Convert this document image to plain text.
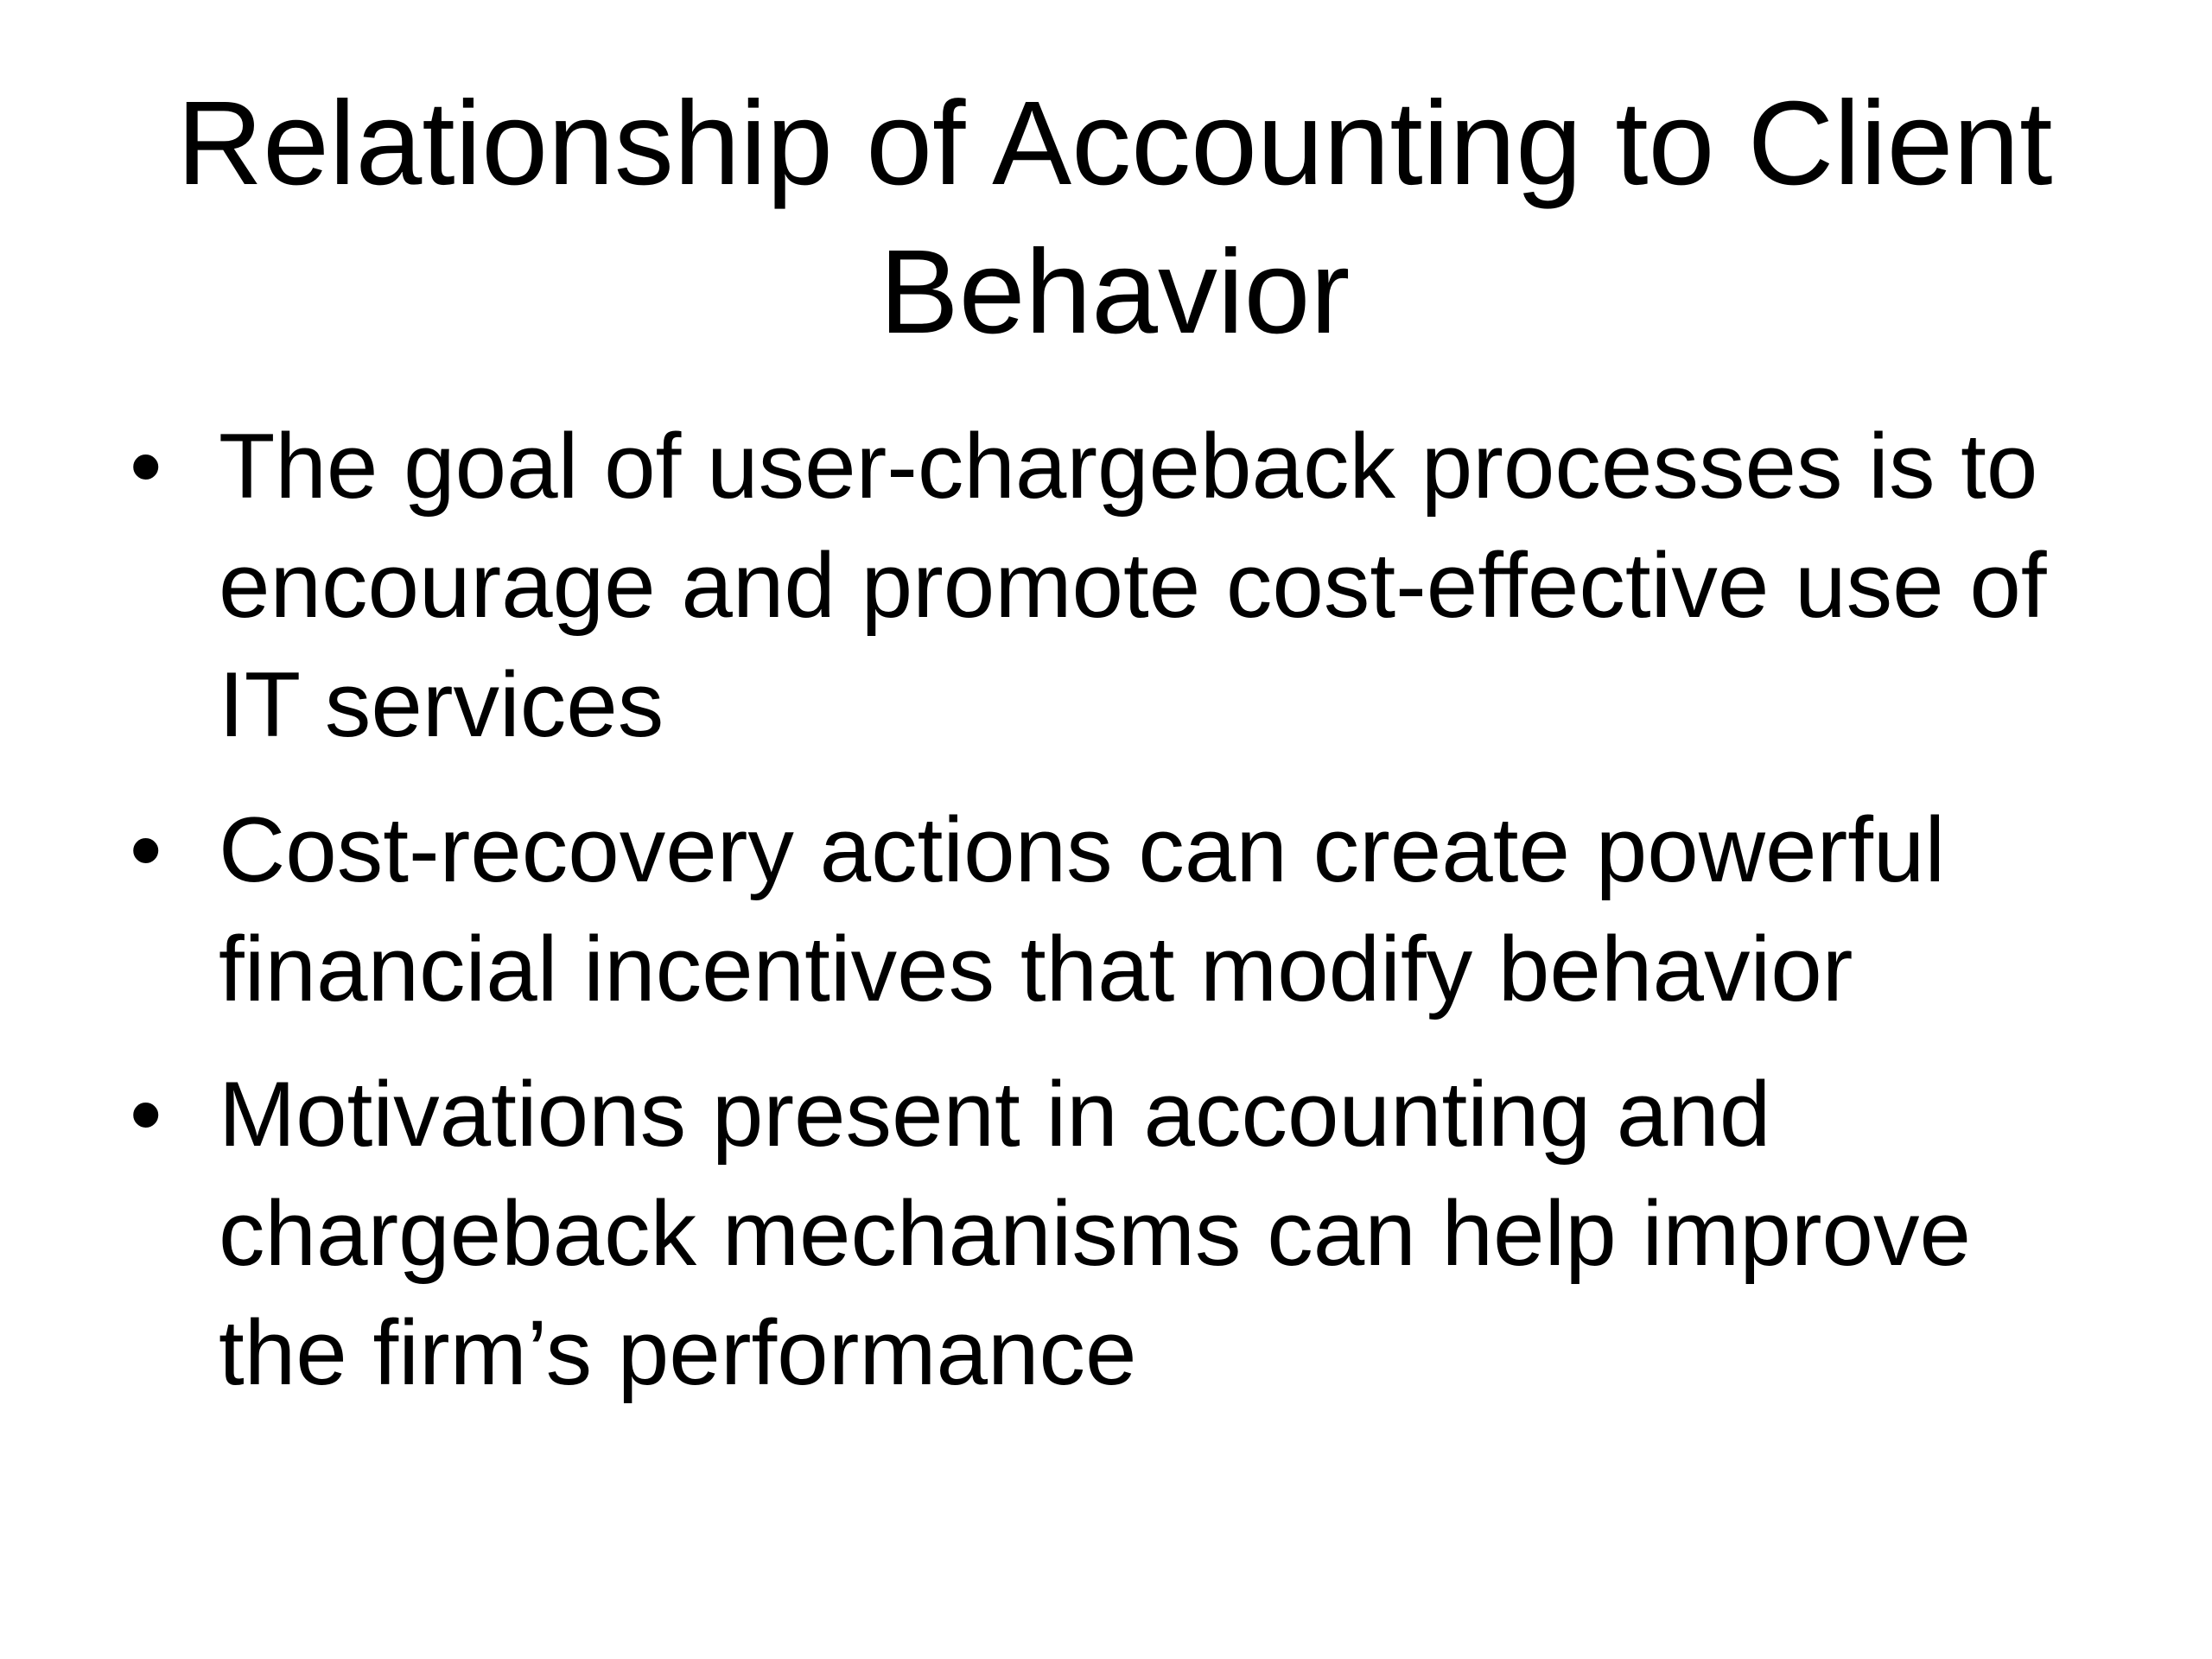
Relationship of Accounting to Client Behavior
• The goal of user-chargeback processes is to encourage and promote cost-effective use of IT services
• Cost-recovery actions can create powerful financial incentives that modify behavior
• Motivations present in accounting and chargeback mechanisms can help improve the firm’s performance
